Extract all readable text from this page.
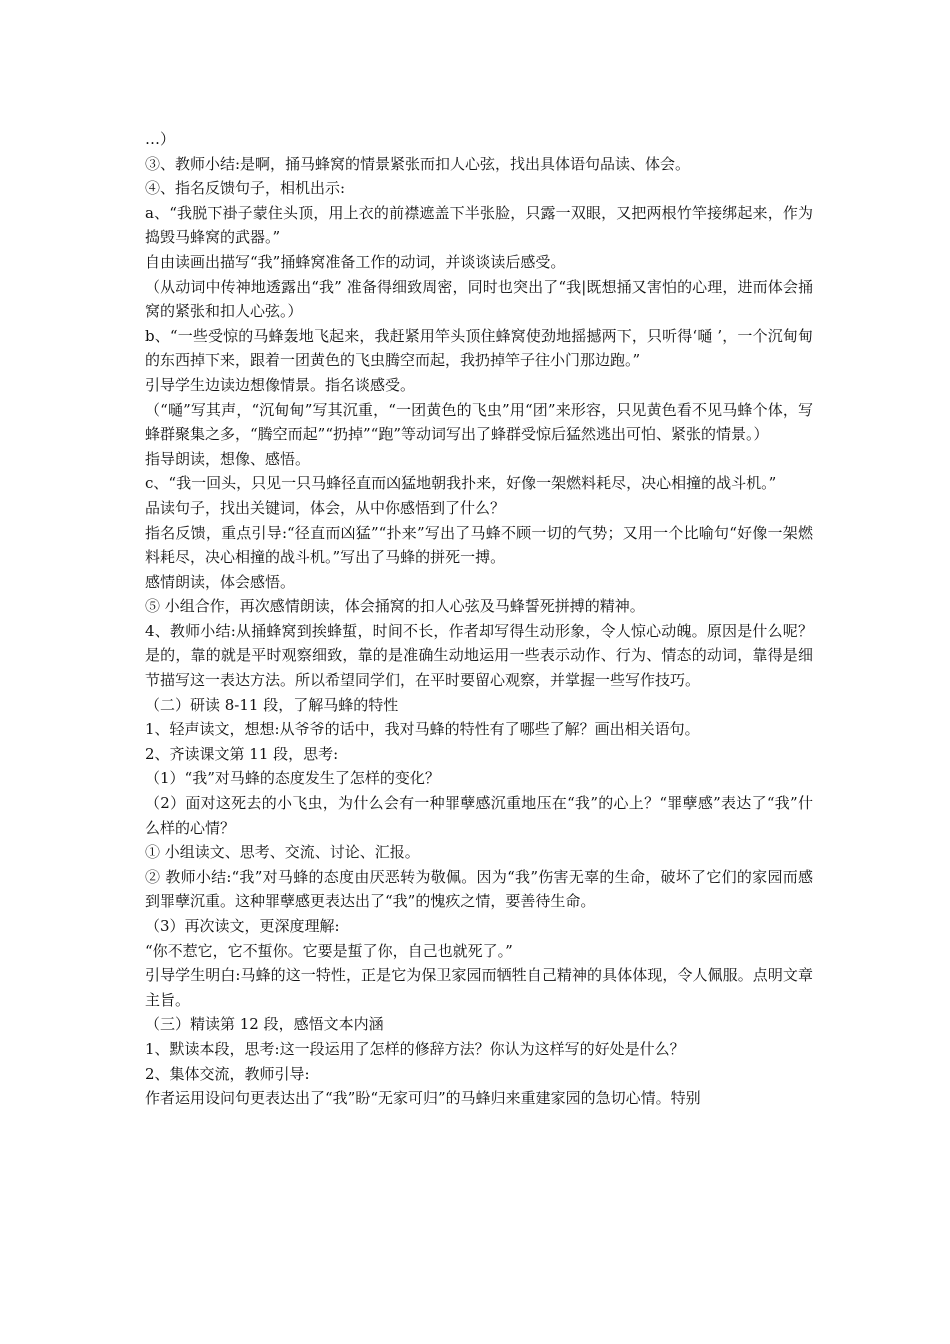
…）

③、教师小结:是啊，捅马蜂窝的情景紧张而扣人心弦，找出具体语句品读、体会。

④、指名反馈句子，相机出示:

a、“我脱下褂子蒙住头顶，用上衣的前襟遮盖下半张脸，只露一双眼，又把两根竹竿接绑起来，作为捣毁马蜂窝的武器。”

自由读画出描写“我”捅蜂窝准备工作的动词，并谈谈读后感受。

（从动词中传神地透露出“我” 准备得细致周密，同时也突出了“我|既想捅又害怕的心理，进而体会捅窝的紧张和扣人心弦。）

b、“一些受惊的马蜂轰地飞起来，我赶紧用竿头顶住蜂窝使劲地摇撼两下，只听得‘嗵 ’，一个沉甸甸的东西掉下来，跟着一团黄色的飞虫腾空而起，我扔掉竿子往小门那边跑。”

引导学生边读边想像情景。指名谈感受。

（“嗵”写其声，“沉甸甸”写其沉重，“一团黄色的飞虫”用“团”来形容，只见黄色看不见马蜂个体，写蜂群聚集之多，“腾空而起”“扔掉”“跑”等动词写出了蜂群受惊后猛然逃出可怕、紧张的情景。）

指导朗读，想像、感悟。

c、“我一回头，只见一只马蜂径直而凶猛地朝我扑来，好像一架燃料耗尽，决心相撞的战斗机。”

品读句子，找出关键词，体会，从中你感悟到了什么？

指名反馈，重点引导:“径直而凶猛”“扑来”写出了马蜂不顾一切的气势；又用一个比喻句“好像一架燃料耗尽，决心相撞的战斗机。”写出了马蜂的拼死一搏。

感情朗读，体会感悟。

⑤ 小组合作，再次感情朗读，体会捅窝的扣人心弦及马蜂誓死拼搏的精神。

4、教师小结:从捅蜂窝到挨蜂蜇，时间不长，作者却写得生动形象，令人惊心动魄。原因是什么呢？是的，靠的就是平时观察细致，靠的是准确生动地运用一些表示动作、行为、情态的动词，靠得是细节描写这一表达方法。所以希望同学们，在平时要留心观察，并掌握一些写作技巧。

（二）研读 8-11 段，了解马蜂的特性

1、轻声读文，想想:从爷爷的话中，我对马蜂的特性有了哪些了解？画出相关语句。

2、齐读课文第 11 段，思考:

（1）“我”对马蜂的态度发生了怎样的变化？

（2）面对这死去的小飞虫，为什么会有一种罪孽感沉重地压在“我”的心上？“罪孽感”表达了“我”什么样的心情？

① 小组读文、思考、交流、讨论、汇报。

② 教师小结:“我”对马蜂的态度由厌恶转为敬佩。因为“我”伤害无辜的生命，破坏了它们的家园而感到罪孽沉重。这种罪孽感更表达出了“我”的愧疚之情，要善待生命。

（3）再次读文，更深度理解:

“你不惹它，它不蜇你。它要是蜇了你，自己也就死了。”

引导学生明白:马蜂的这一特性，正是它为保卫家园而牺牲自己精神的具体体现，令人佩服。点明文章主旨。

（三）精读第 12 段，感悟文本内涵

1、默读本段，思考:这一段运用了怎样的修辞方法？你认为这样写的好处是什么？

2、集体交流，教师引导:

作者运用设问句更表达出了“我”盼“无家可归”的马蜂归来重建家园的急切心情。特别
